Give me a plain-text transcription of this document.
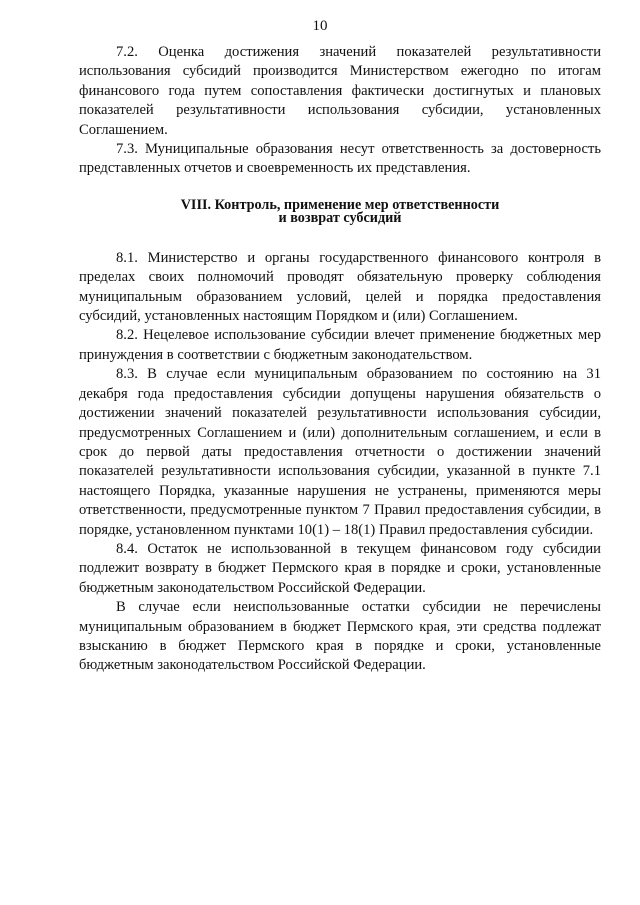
10

7.2. Оценка достижения значений показателей результативности использования субсидий производится Министерством ежегодно по итогам финансового года путем сопоставления фактически достигнутых и плановых показателей результативности использования субсидии, установленных Соглашением.

7.3. Муниципальные образования несут ответственность за достоверность представленных отчетов и своевременность их представления.

VIII. Контроль, применение мер ответственности
и возврат субсидий

8.1. Министерство и органы государственного финансового контроля в пределах своих полномочий проводят обязательную проверку соблюдения муниципальным образованием условий, целей и порядка предоставления субсидий, установленных настоящим Порядком и (или) Соглашением.

8.2. Нецелевое использование субсидии влечет применение бюджетных мер принуждения в соответствии с бюджетным законодательством.

8.3. В случае если муниципальным образованием по состоянию на 31 декабря года предоставления субсидии допущены нарушения обязательств о достижении значений показателей результативности использования субсидии, предусмотренных Соглашением и (или) дополнительным соглашением, и если в срок до первой даты предоставления отчетности о достижении значений показателей результативности использования субсидии, указанной в пункте 7.1 настоящего Порядка, указанные нарушения не устранены, применяются меры ответственности, предусмотренные пунктом 7 Правил предоставления субсидии, в порядке, установленном пунктами 10(1) – 18(1) Правил предоставления субсидии.

8.4. Остаток не использованной в текущем финансовом году субсидии подлежит возврату в бюджет Пермского края в порядке и сроки, установленные бюджетным законодательством Российской Федерации.

В случае если неиспользованные остатки субсидии не перечислены муниципальным образованием в бюджет Пермского края, эти средства подлежат взысканию в бюджет Пермского края в порядке и сроки, установленные бюджетным законодательством Российской Федерации.
